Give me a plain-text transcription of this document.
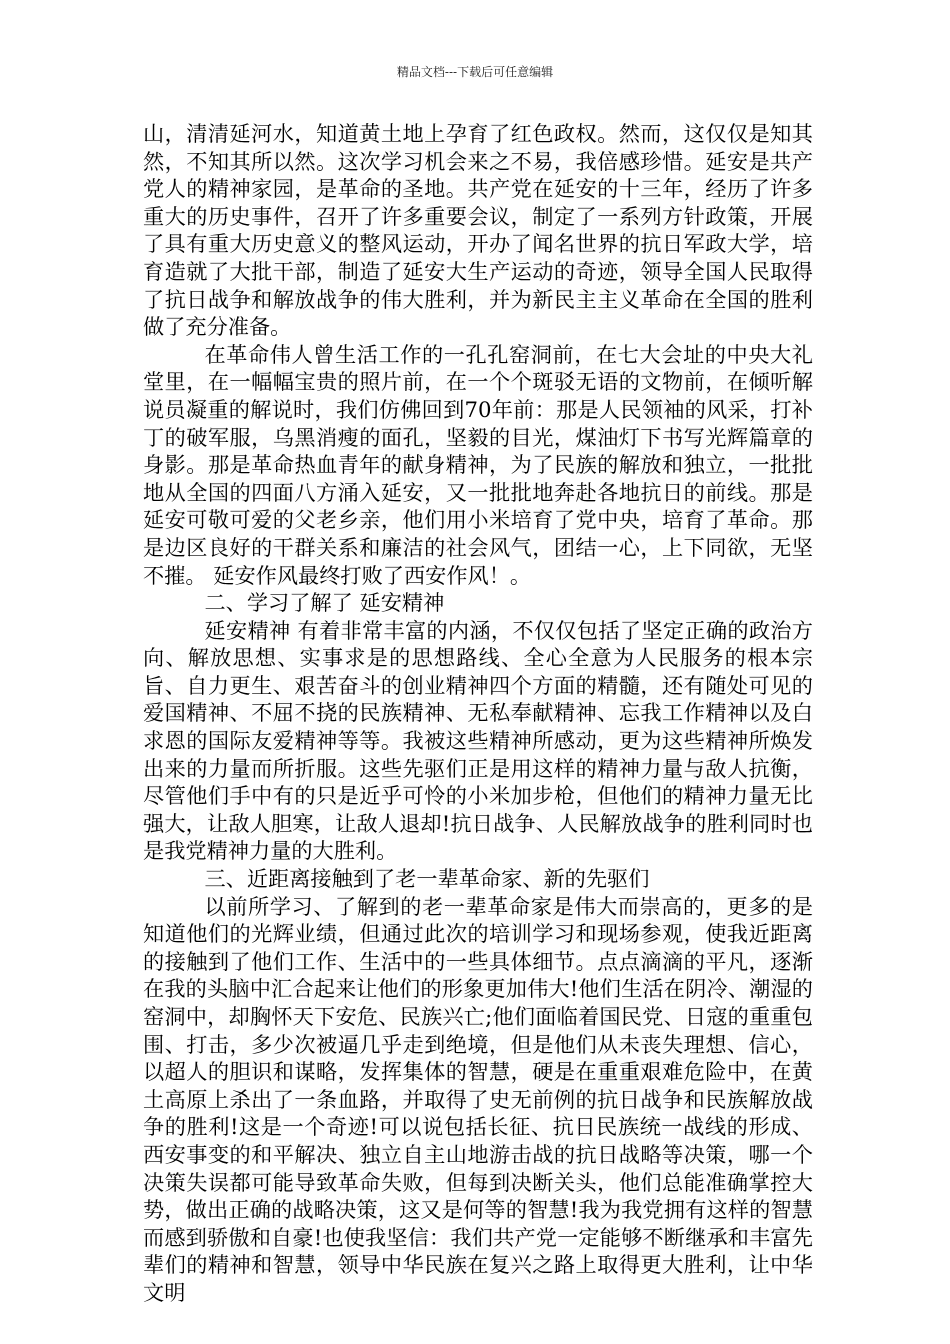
精品文档---下载后可任意编辑

山，清清延河水，知道黄土地上孕育了红色政权。然而，这仅仅是知其然，不知其所以然。这次学习机会来之不易，我倍感珍惜。延安是共产党人的精神家园，是革命的圣地。共产党在延安的十三年，经历了许多重大的历史事件，召开了许多重要会议，制定了一系列方针政策，开展了具有重大历史意义的整风运动，开办了闻名世界的抗日军政大学，培育造就了大批干部，制造了延安大生产运动的奇迹，领导全国人民取得了抗日战争和解放战争的伟大胜利，并为新民主主义革命在全国的胜利做了充分准备。

在革命伟人曾生活工作的一孔孔窑洞前，在七大会址的中央大礼堂里，在一幅幅宝贵的照片前，在一个个斑驳无语的文物前，在倾听解说员凝重的解说时，我们仿佛回到70年前：那是人民领袖的风采，打补丁的破军服，乌黑消瘦的面孔，坚毅的目光，煤油灯下书写光辉篇章的身影。那是革命热血青年的献身精神，为了民族的解放和独立，一批批地从全国的四面八方涌入延安，又一批批地奔赴各地抗日的前线。那是延安可敬可爱的父老乡亲，他们用小米培育了党中央，培育了革命。那是边区良好的干群关系和廉洁的社会风气，团结一心，上下同欲，无坚不摧。 延安作风最终打败了西安作风！。

二、学习了解了 延安精神

延安精神 有着非常丰富的内涵，不仅仅包括了坚定正确的政治方向、解放思想、实事求是的思想路线、全心全意为人民服务的根本宗旨、自力更生、艰苦奋斗的创业精神四个方面的精髓，还有随处可见的爱国精神、不屈不挠的民族精神、无私奉献精神、忘我工作精神以及白求恩的国际友爱精神等等。我被这些精神所感动，更为这些精神所焕发出来的力量而所折服。这些先驱们正是用这样的精神力量与敌人抗衡，尽管他们手中有的只是近乎可怜的小米加步枪，但他们的精神力量无比强大，让敌人胆寒，让敌人退却!抗日战争、人民解放战争的胜利同时也是我党精神力量的大胜利。

三、近距离接触到了老一辈革命家、新的先驱们

以前所学习、了解到的老一辈革命家是伟大而崇高的，更多的是知道他们的光辉业绩，但通过此次的培训学习和现场参观，使我近距离的接触到了他们工作、生活中的一些具体细节。点点滴滴的平凡，逐渐在我的头脑中汇合起来让他们的形象更加伟大!他们生活在阴冷、潮湿的窑洞中，却胸怀天下安危、民族兴亡;他们面临着国民党、日寇的重重包围、打击，多少次被逼几乎走到绝境，但是他们从未丧失理想、信心，以超人的胆识和谋略，发挥集体的智慧，硬是在重重艰难危险中，在黄土高原上杀出了一条血路，并取得了史无前例的抗日战争和民族解放战争的胜利!这是一个奇迹!可以说包括长征、抗日民族统一战线的形成、西安事变的和平解决、独立自主山地游击战的抗日战略等决策，哪一个决策失误都可能导致革命失败，但每到决断关头，他们总能准确掌控大势，做出正确的战略决策，这又是何等的智慧!我为我党拥有这样的智慧而感到骄傲和自豪!也使我坚信：我们共产党一定能够不断继承和丰富先辈们的精神和智慧，领导中华民族在复兴之路上取得更大胜利，让中华文明
